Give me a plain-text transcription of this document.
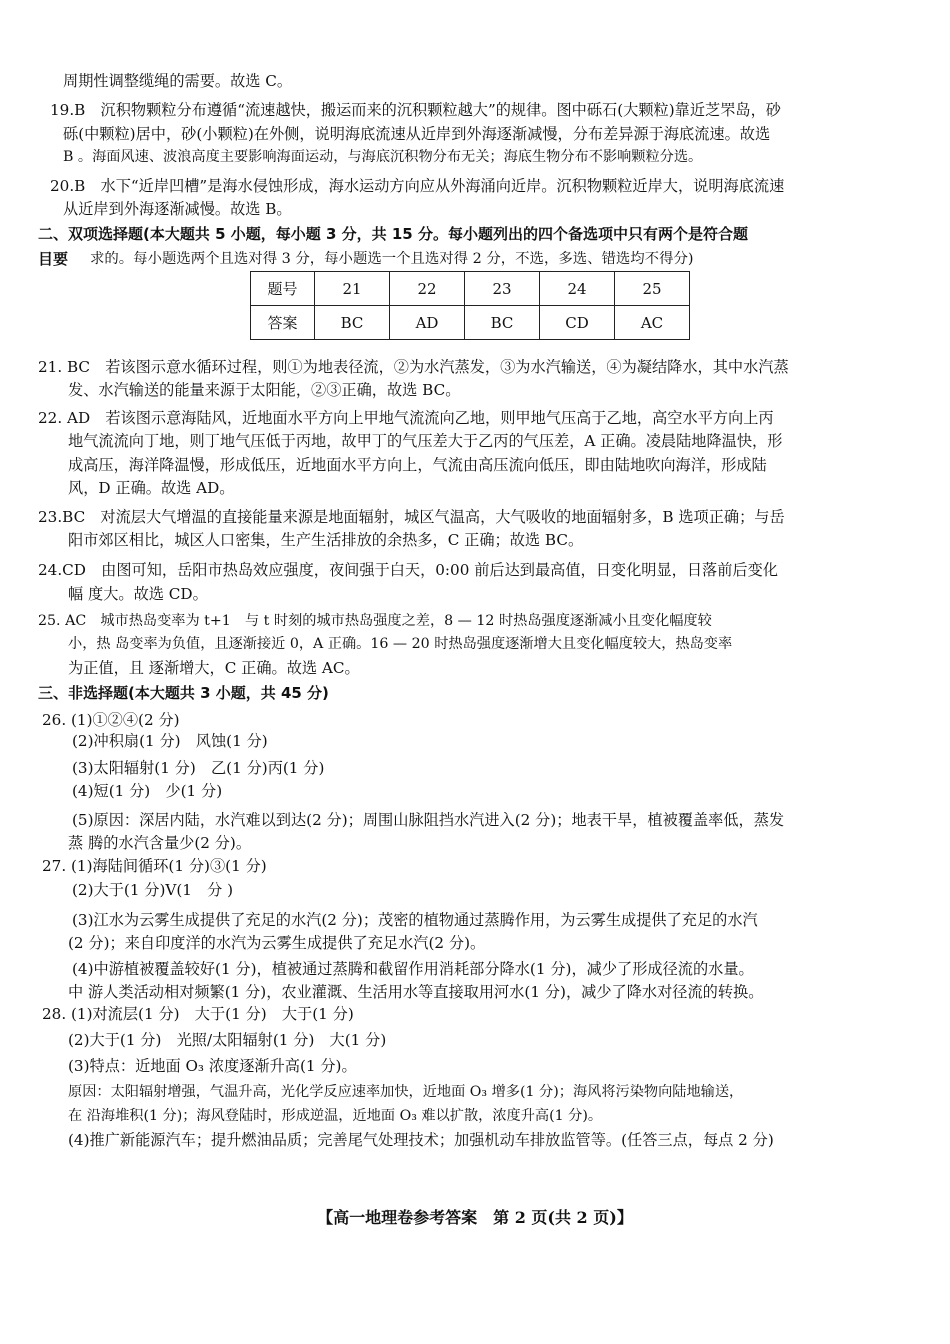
周期性调整缆绳的需要。故选 C。
19.B　沉积物颗粒分布遵循“流速越快，搬运而来的沉积颗粒越大”的规律。图中砾石(大颗粒)靠近芝罘岛，砂
砾(中颗粒)居中，砂(小颗粒)在外侧，说明海底流速从近岸到外海逐渐减慢，分布差异源于海底流速。故选
B 。海面风速、波浪高度主要影响海面运动，与海底沉积物分布无关；海底生物分布不影响颗粒分选。
20.B　水下“近岸凹槽”是海水侵蚀形成，海水运动方向应从外海涌向近岸。沉积物颗粒近岸大，说明海底流速
从近岸到外海逐渐减慢。故选 B。
二、双项选择题(本大题共 5 小题，每小题 3 分，共 15 分。每小题列出的四个备选项中只有两个是符合题
目要 求的。每小题选两个且选对得 3 分，每小题选一个且选对得 2 分，不选，多选、错选均不得分)
题号	21	22	23	24	25
答案	BC	AD	BC	CD	AC
21. BC　若该图示意水循环过程，则①为地表径流，②为水汽蒸发，③为水汽输送，④为凝结降水，其中水汽蒸
发、水汽输送的能量来源于太阳能，②③正确，故选 BC。
22. AD　若该图示意海陆风，近地面水平方向上甲地气流流向乙地，则甲地气压高于乙地，高空水平方向上丙
地气流流向丁地，则丁地气压低于丙地，故甲丁的气压差大于乙丙的气压差，A 正确。凌晨陆地降温快，形
成高压，海洋降温慢，形成低压，近地面水平方向上，气流由高压流向低压，即由陆地吹向海洋，形成陆
风，D 正确。故选 AD。
23.BC　对流层大气增温的直接能量来源是地面辐射，城区气温高，大气吸收的地面辐射多，B 选项正确；与岳
阳市郊区相比，城区人口密集，生产生活排放的余热多，C 正确；故选 BC。
24.CD　由图可知，岳阳市热岛效应强度，夜间强于白天，0:00 前后达到最高值，日变化明显，日落前后变化
幅 度大。故选 CD。
25. AC　城市热岛变率为 t+1　与 t 时刻的城市热岛强度之差，8 — 12 时热岛强度逐渐减小且变化幅度较
小，热 岛变率为负值，且逐渐接近 0，A 正确。16 — 20 时热岛强度逐渐增大且变化幅度较大，热岛变率
为正值，且 逐渐增大，C 正确。故选 AC。
三、非选择题(本大题共 3 小题，共 45 分)
26. (1)①②④(2 分)
(2)冲积扇(1 分)　风蚀(1 分)
(3)太阳辐射(1 分)　乙(1 分)丙(1 分)
(4)短(1 分)　少(1 分)
(5)原因：深居内陆，水汽难以到达(2 分)；周围山脉阻挡水汽进入(2 分)；地表干旱，植被覆盖率低，蒸发
蒸 腾的水汽含量少(2 分)。
27. (1)海陆间循环(1 分)③(1 分)
(2)大于(1 分)Ⅴ(1　分 )
(3)江水为云雾生成提供了充足的水汽(2 分)；茂密的植物通过蒸腾作用，为云雾生成提供了充足的水汽
(2 分)；来自印度洋的水汽为云雾生成提供了充足水汽(2 分)。
(4)中游植被覆盖较好(1 分)，植被通过蒸腾和截留作用消耗部分降水(1 分)，减少了形成径流的水量。
中 游人类活动相对频繁(1 分)，农业灌溉、生活用水等直接取用河水(1 分)，减少了降水对径流的转换。
28. (1)对流层(1 分)　大于(1 分)　大于(1 分)
(2)大于(1 分)　光照/太阳辐射(1 分)　大(1 分)
(3)特点：近地面 O₃ 浓度逐渐升高(1 分)。
原因：太阳辐射增强，气温升高，光化学反应速率加快，近地面 O₃ 增多(1 分)；海风将污染物向陆地输送，
在 沿海堆积(1 分)；海风登陆时，形成逆温，近地面 O₃ 难以扩散，浓度升高(1 分)。
(4)推广新能源汽车；提升燃油品质；完善尾气处理技术；加强机动车排放监管等。(任答三点，每点 2 分)
【高一地理卷参考答案　第 2 页(共 2 页)】
